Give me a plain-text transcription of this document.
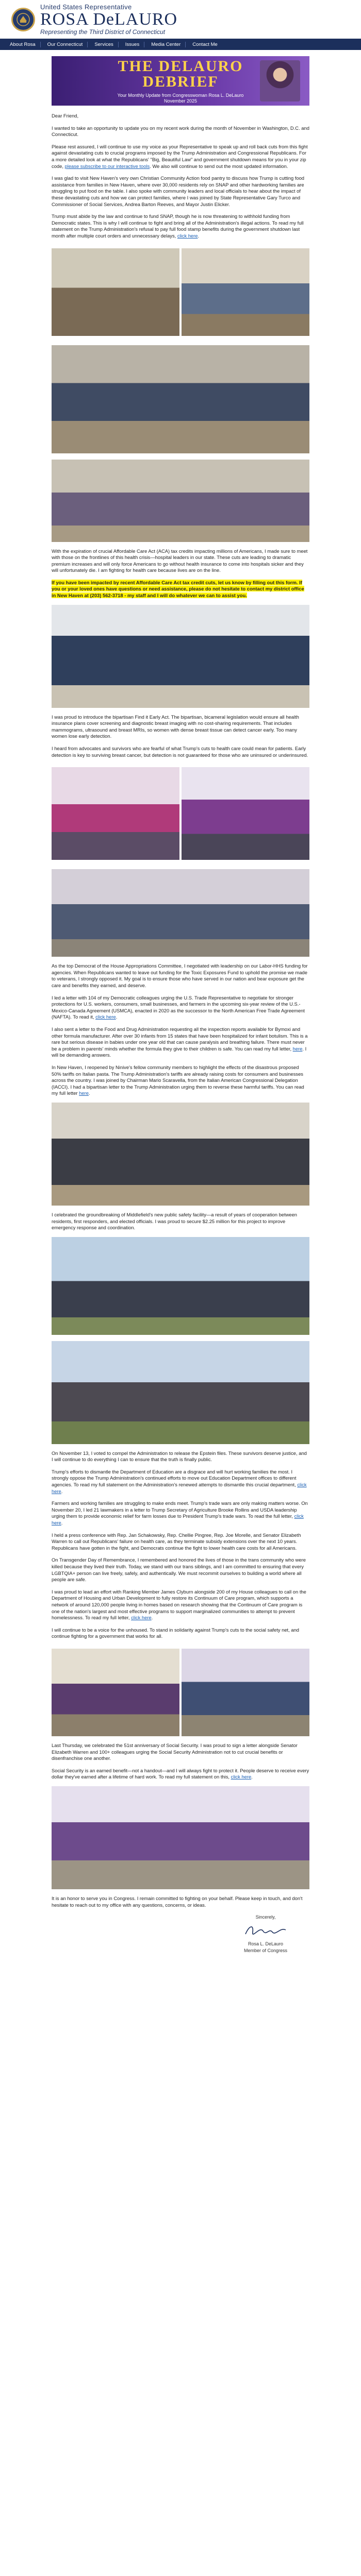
United States Representative
ROSA DeLAURO
Representing the Third District of Connecticut
About Rosa	Our Connecticut	Services	Issues	Media Center	Contact Me
THE DELAURO
DEBRIEF
Your Monthly Update from Congresswoman Rosa L. DeLauro
November 2025

Dear Friend,

I wanted to take an opportunity to update you on my recent work during the month of November in Washington, D.C. and Connecticut.

Please rest assured, I will continue to use my voice as your Representative to speak up and roll back cuts from this fight against devastating cuts to crucial programs imposed by the Trump Administration and Congressional Republicans. For a more detailed look at what the Republicans' "Big, Beautiful Law" and government shutdown means for you in your zip code, please subscribe to our interactive tools. We also will continue to send out the most updated information.

I was glad to visit New Haven's very own Christian Community Action food pantry to discuss how Trump is cutting food assistance from families in New Haven, where over 30,000 residents rely on SNAP and other hardworking families are struggling to put food on the table. I also spoke with community leaders and local officials to hear about the impact of these devastating cuts and how we can protect families, where I was joined by State Representative Gary Turco and Commissioner of Social Services, Andrea Barton Reeves, and Mayor Justin Elicker.

Trump must abide by the law and continue to fund SNAP, though he is now threatening to withhold funding from Democratic states. This is why I will continue to fight and bring all of the Administration's illegal actions. To read my full statement on the Trump Administration's refusal to pay full food stamp benefits during the government shutdown last month after multiple court orders and unnecessary delays, click here.

With the expiration of crucial Affordable Care Act (ACA) tax credits impacting millions of Americans, I made sure to meet with those on the frontlines of this health crisis—hospital leaders in our state. These cuts are leading to dramatic premium increases and will only force Americans to go without health insurance to come into hospitals sicker and they will unfortunately die. I am fighting for health care because lives are on the line.

If you have been impacted by recent Affordable Care Act tax credit cuts, let us know by filling out this form. If you or your loved ones have questions or need assistance, please do not hesitate to contact my district office in New Haven at (203) 562-3718 - my staff and I will do whatever we can to assist you.

I was proud to introduce the bipartisan Find it Early Act. The bipartisan, bicameral legislation would ensure all health insurance plans cover screening and diagnostic breast imaging with no cost-sharing requirements. That includes mammograms, ultrasound and breast MRIs, so women with dense breast tissue can detect cancer early. Too many women lose early detection.

I heard from advocates and survivors who are fearful of what Trump's cuts to health care could mean for patients. Early detection is key to surviving breast cancer, but detection is not guaranteed for those who are uninsured or underinsured.

As the top Democrat of the House Appropriations Committee, I negotiated with leadership on our Labor-HHS funding for agencies. When Republicans wanted to leave out funding for the Toxic Exposures Fund to uphold the promise we made to veterans, I strongly opposed it. My goal is to ensure those who have served in our nation and bear exposure get the care and benefits they earned, and deserve.

I led a letter with 104 of my Democratic colleagues urging the U.S. Trade Representative to negotiate for stronger protections for U.S. workers, consumers, small businesses, and farmers in the upcoming six-year review of the U.S.-Mexico-Canada Agreement (USMCA), enacted in 2020 as the successor to the North American Free Trade Agreement (NAFTA). To read it, click here.

I also sent a letter to the Food and Drug Administration requesting all the inspection reports available for Bymoxi and other formula manufacturer. After over 30 infants from 15 states that have been hospitalized for infant botulism. This is a rare but serious disease in babies under one year old that can cause paralysis and breathing failure. There must never be a problem in parents' minds whether the formula they give to their children is safe. You can read my full letter, here. I will be demanding answers.

In New Haven, I reopened by Ninive's fellow community members to highlight the effects of the disastrous proposed 50% tariffs on Italian pasta. The Trump Administration's tariffs are already raising costs for consumers and businesses across the country. I was joined by Chairman Mario Scaravella, from the Italian American Congressional Delegation (IACCI). I had a bipartisan letter to the Trump Administration urging them to reverse these harmful tariffs. You can read my full letter here.

I celebrated the groundbreaking of Middlefield's new public safety facility—a result of years of cooperation between residents, first responders, and elected officials. I was proud to secure $2.25 million for this project to improve emergency response and coordination.

On November 13, I voted to compel the Administration to release the Epstein files. These survivors deserve justice, and I will continue to do everything I can to ensure that the truth is finally public.

Trump's efforts to dismantle the Department of Education are a disgrace and will hurt working families the most. I strongly oppose the Trump Administration's continued efforts to move out Education Department offices to different agencies. To read my full statement on the Administration's renewed attempts to dismantle this crucial department, click here.

Farmers and working families are struggling to make ends meet. Trump's trade wars are only making matters worse. On November 20, I led 21 lawmakers in a letter to Trump Secretary of Agriculture Brooke Rollins and USDA leadership urging them to provide economic relief for farm losses due to President Trump's trade wars. To read the full letter, click here.

I held a press conference with Rep. Jan Schakowsky, Rep. Chellie Pingree, Rep. Joe Morelle, and Senator Elizabeth Warren to call out Republicans' failure on health care, as they terminate subsidy extensions over the next 10 years. Republicans have gotten in the fight, and Democrats continue the fight to lower health care costs for all Americans.

On Transgender Day of Remembrance, I remembered and honored the lives of those in the trans community who were killed because they lived their truth. Today, we stand with our trans siblings, and I am committed to ensuring that every LGBTQIA+ person can live freely, safely, and authentically. We must recommit ourselves to building a world where all people are safe.

I was proud to lead an effort with Ranking Member James Clyburn alongside 200 of my House colleagues to call on the Department of Housing and Urban Development to fully restore its Continuum of Care program, which supports a network of around 120,000 people living in homes based on research showing that the Continuum of Care program is one of the nation's largest and most effective programs to support marginalized communities to attempt to prevent homelessness. To read my full letter, click here.

I will continue to be a voice for the unhoused. To stand in solidarity against Trump's cuts to the social safety net, and continue fighting for a government that works for all.

Last Thursday, we celebrated the 51st anniversary of Social Security. I was proud to sign a letter alongside Senator Elizabeth Warren and 100+ colleagues urging the Social Security Administration not to cut crucial benefits or disenfranchise one another.

Social Security is an earned benefit—not a handout—and I will always fight to protect it. People deserve to receive every dollar they've earned after a lifetime of hard work. To read my full statement on this, click here.

It is an honor to serve you in Congress. I remain committed to fighting on your behalf. Please keep in touch, and don't hesitate to reach out to my office with any questions, concerns, or ideas.

Sincerely,
Rosa L. DeLauro
Member of Congress
